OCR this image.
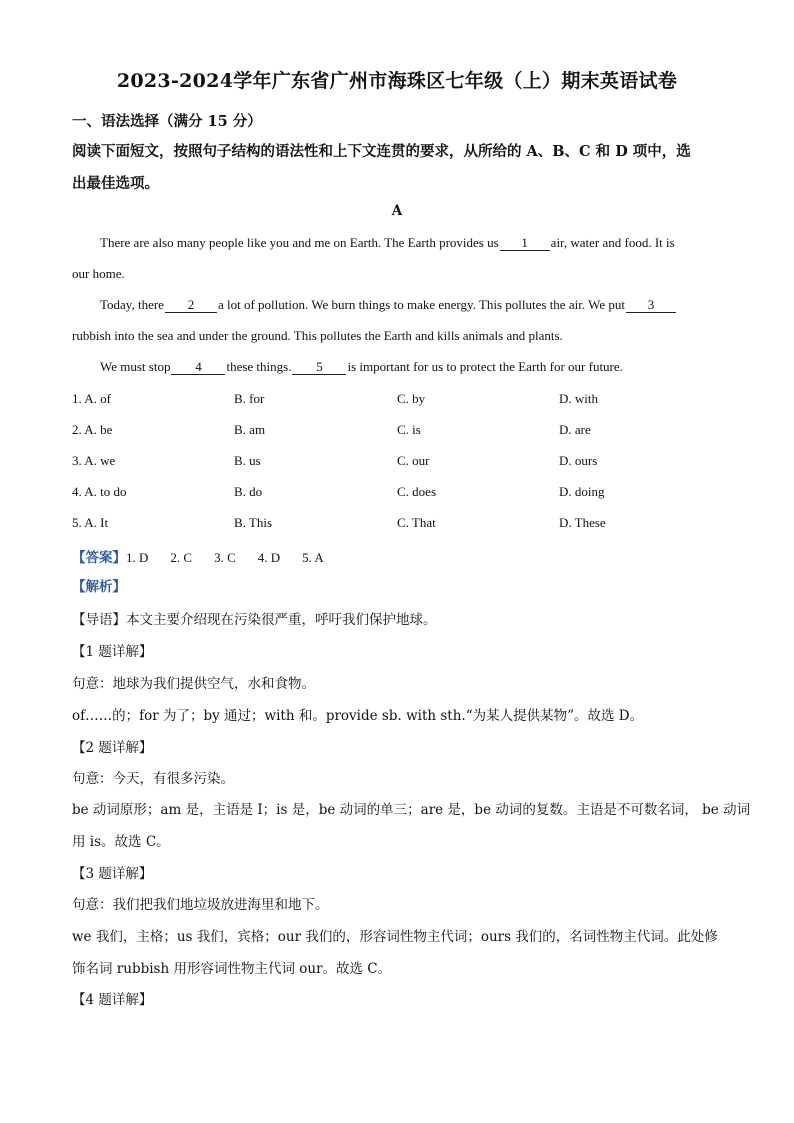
2023-2024学年广东省广州市海珠区七年级（上）期末英语试卷
一、语法选择（满分 15 分）
阅读下面短文，按照句子结构的语法性和上下文连贯的要求，从所给的 A、B、C 和 D 项中，选
出最佳选项。
A
There are also many people like you and me on Earth. The Earth provides us 1 air, water and food. It is
our home.
Today, there 2 a lot of pollution. We burn things to make energy. This pollutes the air. We put 3
rubbish into the sea and under the ground. This pollutes the Earth and kills animals and plants.
We must stop 4 these things. 5 is important for us to protect the Earth for our future.
1. A. of	B. for	C. by	D. with
2. A. be	B. am	C. is	D. are
3. A. we	B. us	C. our	D. ours
4. A. to do	B. do	C. does	D. doing
5. A. It	B. This	C. That	D. These
【答案】1. D 2. C 3. C 4. D 5. A
【解析】
【导语】本文主要介绍现在污染很严重，呼吁我们保护地球。
【1 题详解】
句意：地球为我们提供空气，水和食物。
of……的；for 为了；by 通过；with 和。provide sb. with sth.“为某人提供某物”。故选 D。
【2 题详解】
句意：今天，有很多污染。
be 动词原形；am 是，主语是 I；is 是，be 动词的单三；are 是，be 动词的复数。主语是不可数名词， be 动词
用 is。故选 C。
【3 题详解】
句意：我们把我们地垃圾放进海里和地下。
we 我们，主格；us 我们，宾格；our 我们的，形容词性物主代词；ours 我们的，名词性物主代词。此处修
饰名词 rubbish 用形容词性物主代词 our。故选 C。
【4 题详解】
